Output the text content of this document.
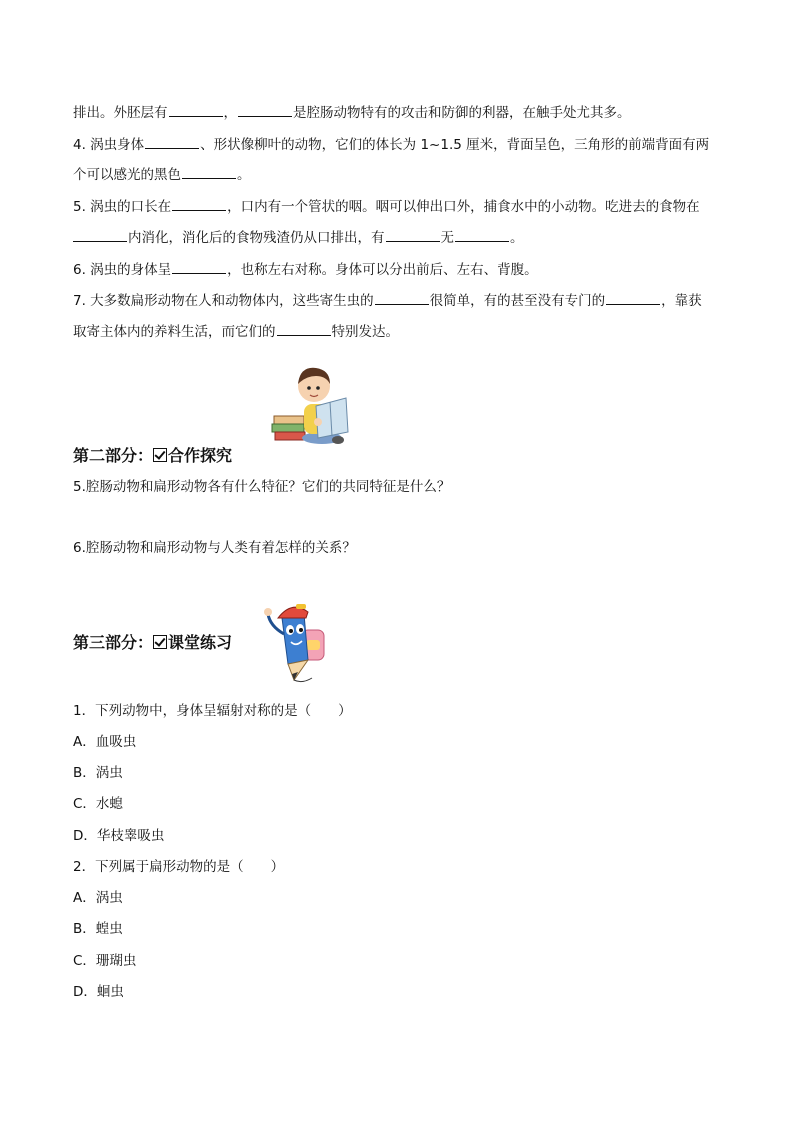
排出。外胚层有	，	是腔肠动物特有的攻击和防御的利器，在触手处尤其多。
4. 涡虫身体	、形状像柳叶的动物，它们的体长为 1~1.5 厘米，背面呈色，三角形的前端背面有两
个可以感光的黑色	。
5. 涡虫的口长在	，口内有一个管状的咽。咽可以伸出口外，捕食水中的小动物。吃进去的食物在
内消化，消化后的食物残渣仍从口排出，有	无	。
6. 涡虫的身体呈	，也称左右对称。身体可以分出前后、左右、背腹。
7. 大多数扁形动物在人和动物体内，这些寄生虫的	很简单，有的甚至没有专门的	，靠获
取寄主体内的养料生活，而它们的	特别发达。
第二部分： 合作探究
5.腔肠动物和扁形动物各有什么特征？它们的共同特征是什么？
6.腔肠动物和扁形动物与人类有着怎样的关系？
第三部分： 课堂练习
1．下列动物中，身体呈辐射对称的是（　　）
A．血吸虫
B．涡虫
C．水螅
D．华枝睾吸虫
2．下列属于扁形动物的是（　　）
A．涡虫
B．蝗虫
C．珊瑚虫
D．蛔虫
